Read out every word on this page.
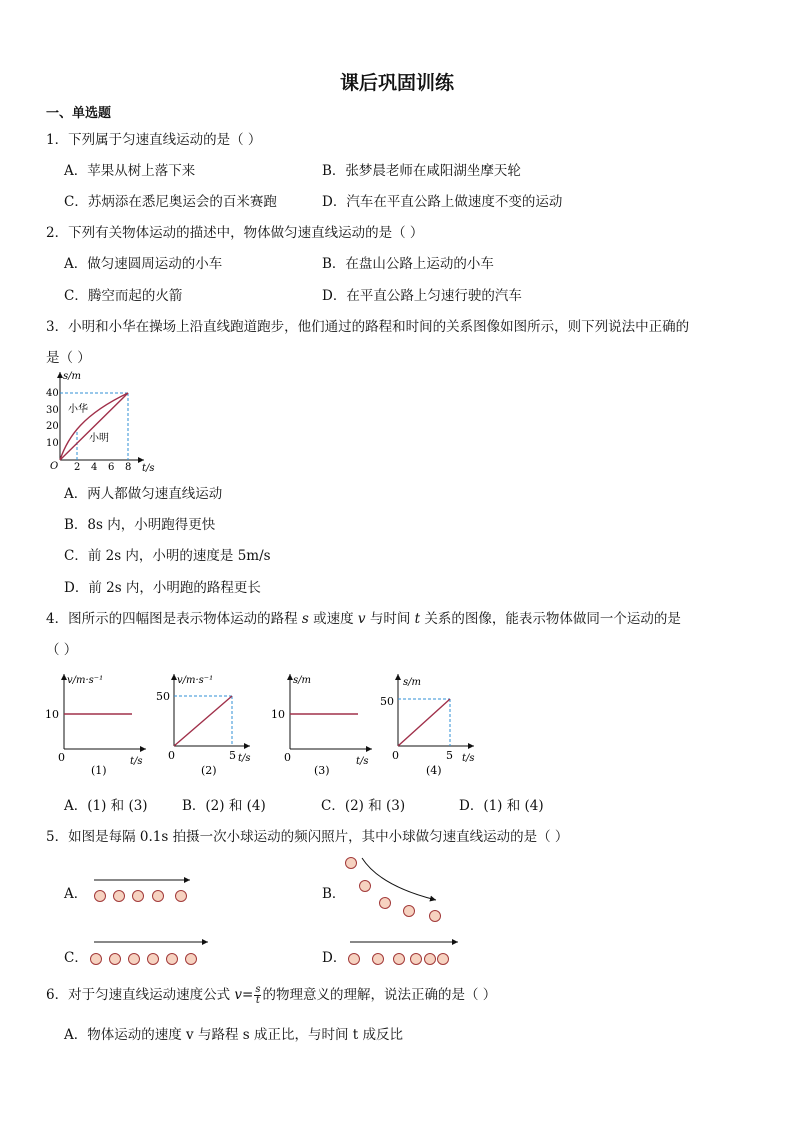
课后巩固训练
一、单选题
1．下列属于匀速直线运动的是（ ）
A．苹果从树上落下来	B．张梦晨老师在咸阳湖坐摩天轮
C．苏炳添在悉尼奥运会的百米赛跑	D．汽车在平直公路上做速度不变的运动
2．下列有关物体运动的描述中，物体做匀速直线运动的是（ ）
A．做匀速圆周运动的小车	B．在盘山公路上运动的小车
C．腾空而起的火箭	D．在平直公路上匀速行驶的汽车
3．小明和小华在操场上沿直线跑道跑步，他们通过的路程和时间的关系图像如图所示，则下列说法中正确的
是（ ）
s/m
t/s
O
10
20
30
40
2 4 6 8
小华
小明
A．两人都做匀速直线运动
B．8s 内，小明跑得更快
C．前 2s 内，小明的速度是 5m/s
D．前 2s 内，小明跑的路程更长
4．图所示的四幅图是表示物体运动的路程 s 或速度 v 与时间 t 关系的图像，能表示物体做同一个运动的是
（ ）
v/m·s⁻¹
t/s
10
0
(1)
v/m·s⁻¹
t/s
50
5
0
(2)
s/m
t/s
10
0
(3)
s/m
t/s
50
5
0
(4)
A．(1) 和 (3)	B．(2) 和 (4)	C．(2) 和 (3)	D．(1) 和 (4)
5．如图是每隔 0.1s 拍摄一次小球运动的频闪照片，其中小球做匀速直线运动的是（ ）
A．	B．
C．	D．
6．对于匀速直线运动速度公式 $v= \frac{s}{t}$ 的物理意义的理解，说法正确的是（ ）
A．物体运动的速度 v 与路程 s 成正比，与时间 t 成反比
